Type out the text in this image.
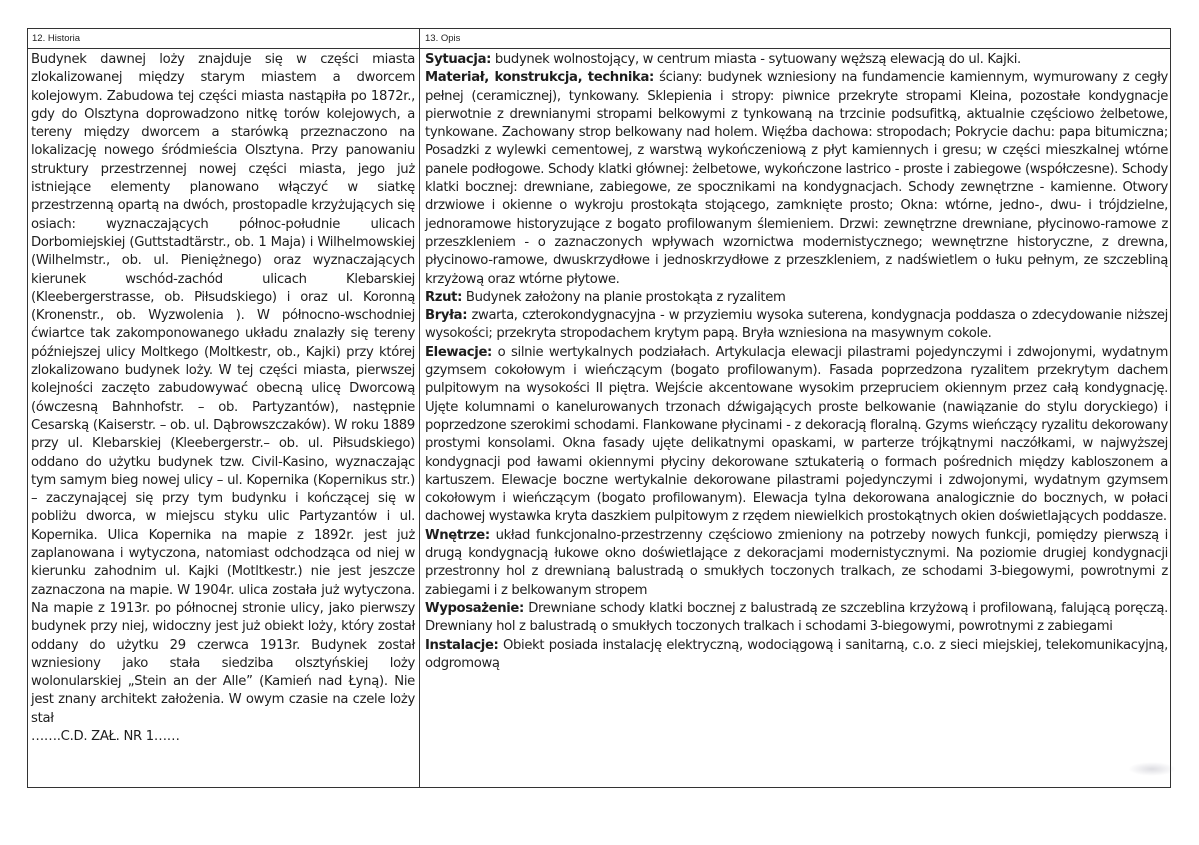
12. Historia	13. Opis

Budynek dawnej loży znajduje się w części miasta zlokalizowanej między starym miastem a dworcem kolejowym. Zabudowa tej części miasta nastąpiła po 1872r., gdy do Olsztyna doprowadzono nitkę torów kolejowych, a tereny między dworcem a starówką przeznaczono na lokalizację nowego śródmieścia Olsztyna. Przy panowaniu struktury przestrzennej nowej części miasta, jego już istniejące elementy planowano włączyć w siatkę przestrzenną opartą na dwóch, prostopadle krzyżujących się osiach: wyznaczających północ-południe ulicach Dorbomiejskiej (Guttstadtärstr., ob. 1 Maja) i Wilhelmowskiej (Wilhelmstr., ob. ul. Pieniężnego) oraz wyznaczających kierunek wschód-zachód ulicach Klebarskiej (Kleebergerstrasse, ob. Piłsudskiego) i oraz ul. Koronną (Kronenstr., ob. Wyzwolenia ). W północno-wschodniej ćwiartce tak zakomponowanego układu znalazły się tereny późniejszej ulicy Moltkego (Moltkestr, ob., Kajki) przy której zlokalizowano budynek loży. W tej części miasta, pierwszej kolejności zaczęto zabudowywać obecną ulicę Dworcową (ówczesną Bahnhofstr. – ob. Partyzantów), następnie Cesarską (Kaiserstr. – ob. ul. Dąbrowszczaków). W roku 1889 przy ul. Klebarskiej (Kleebergerstr.– ob. ul. Piłsudskiego) oddano do użytku budynek tzw. Civil-Kasino, wyznaczając tym samym bieg nowej ulicy – ul. Kopernika (Kopernikus str.) – zaczynającej się przy tym budynku i kończącej się w pobliżu dworca, w miejscu styku ulic Partyzantów i ul. Kopernika. Ulica Kopernika na mapie z 1892r. jest już zaplanowana i wytyczona, natomiast odchodząca od niej w kierunku zahodnim ul. Kajki (Motltkestr.) nie jest jeszcze zaznaczona na mapie. W 1904r. ulica została już wytyczona. Na mapie z 1913r. po północnej stronie ulicy, jako pierwszy budynek przy niej, widoczny jest już obiekt loży, który został oddany do użytku 29 czerwca 1913r. Budynek został wzniesiony jako stała siedziba olsztyńskiej loży wolonularskiej „Stein an der Alle” (Kamień nad Łyną). Nie jest znany architekt założenia. W owym czasie na czele loży stał

…….C.D. ZAŁ. NR 1……

Sytuacja: budynek wolnostojący, w centrum miasta - sytuowany węższą elewacją do ul. Kajki.

Materiał, konstrukcja, technika: ściany: budynek wzniesiony na fundamencie kamiennym, wymurowany z cegły pełnej (ceramicznej), tynkowany. Sklepienia i stropy: piwnice przekryte stropami Kleina, pozostałe kondygnacje pierwotnie z drewnianymi stropami belkowymi z tynkowaną na trzcinie podsufitką, aktualnie częściowo żelbetowe, tynkowane. Zachowany strop belkowany nad holem. Więźba dachowa: stropodach; Pokrycie dachu: papa bitumiczna; Posadzki z wylewki cementowej, z warstwą wykończeniową z płyt kamiennych i gresu; w części mieszkalnej wtórne panele podłogowe. Schody klatki głównej: żelbetowe, wykończone lastrico - proste i zabiegowe (współczesne). Schody klatki bocznej: drewniane, zabiegowe, ze spocznikami na kondygnacjach. Schody zewnętrzne - kamienne. Otwory drzwiowe i okienne o wykroju prostokąta stojącego, zamknięte prosto; Okna: wtórne, jedno-, dwu- i trójdzielne, jednoramowe historyzujące z bogato profilowanym ślemieniem. Drzwi: zewnętrzne drewniane, płycinowo-ramowe z przeszkleniem - o zaznaczonych wpływach wzornictwa modernistycznego; wewnętrzne historyczne, z drewna, płycinowo-ramowe, dwuskrzydłowe i jednoskrzydłowe z przeszkleniem, z nadświetlem o łuku pełnym, ze szczebliną krzyżową oraz wtórne płytowe.

Rzut: Budynek założony na planie prostokąta z ryzalitem

Bryła: zwarta, czterokondygnacyjna - w przyziemiu wysoka suterena, kondygnacja poddasza o zdecydowanie niższej wysokości; przekryta stropodachem krytym papą. Bryła wzniesiona na masywnym cokole.

Elewacje: o silnie wertykalnych podziałach. Artykulacja elewacji pilastrami pojedynczymi i zdwojonymi, wydatnym gzymsem cokołowym i wieńczącym (bogato profilowanym). Fasada poprzedzona ryzalitem przekrytym dachem pulpitowym na wysokości II piętra. Wejście akcentowane wysokim przepruciem okiennym przez całą kondygnację. Ujęte kolumnami o kanelurowanych trzonach dźwigających proste belkowanie (nawiązanie do stylu doryckiego) i poprzedzone szerokimi schodami. Flankowane płycinami - z dekoracją floralną. Gzyms wieńczący ryzalitu dekorowany prostymi konsolami. Okna fasady ujęte delikatnymi opaskami, w parterze trójkątnymi naczółkami, w najwyższej kondygnacji pod ławami okiennymi płyciny dekorowane sztukaterią o formach pośrednich między kabloszonem a kartuszem. Elewacje boczne wertykalnie dekorowane pilastrami pojedynczymi i zdwojonymi, wydatnym gzymsem cokołowym i wieńczącym (bogato profilowanym). Elewacja tylna dekorowana analogicznie do bocznych, w połaci dachowej wystawka kryta daszkiem pulpitowym z rzędem niewielkich prostokątnych okien doświetlających poddasze.

Wnętrze: układ funkcjonalno-przestrzenny częściowo zmieniony na potrzeby nowych funkcji, pomiędzy pierwszą i drugą kondygnacją łukowe okno doświetlające z dekoracjami modernistycznymi. Na poziomie drugiej kondygnacji przestronny hol z drewnianą balustradą o smukłych toczonych tralkach, ze schodami 3-biegowymi, powrotnymi z zabiegami i z belkowanym stropem

Wyposażenie: Drewniane schody klatki bocznej z balustradą ze szczeblina krzyżową i profilowaną, falującą poręczą. Drewniany hol z balustradą o smukłych toczonych tralkach i schodami 3-biegowymi, powrotnymi z zabiegami

Instalacje: Obiekt posiada instalację elektryczną, wodociągową i sanitarną, c.o. z sieci miejskiej, telekomunikacyjną, odgromową
